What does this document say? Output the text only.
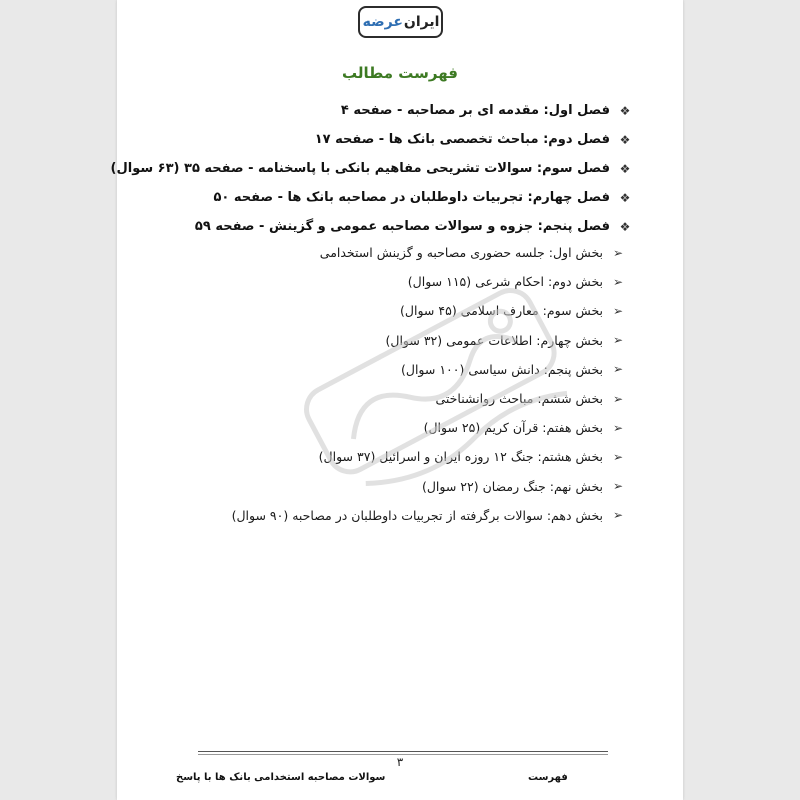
ایران
عرضه
فهرست مطالب
❖
فصل اول: مقدمه ای بر مصاحبه - صفحه ۴
❖
فصل دوم: مباحث تخصصی بانک ها - صفحه ۱۷
❖
فصل سوم: سوالات تشریحی مفاهیم بانکی با پاسخنامه - صفحه ۳۵ (۶۳ سوال)
❖
فصل چهارم: تجربیات داوطلبان در مصاحبه بانک ها - صفحه ۵۰
❖
فصل پنجم: جزوه و سوالات مصاحبه عمومی و گزینش - صفحه ۵۹
➢
بخش اول: جلسه حضوری مصاحبه و گزینش استخدامی
➢
بخش دوم: احکام شرعی (۱۱۵ سوال)
➢
بخش سوم: معارف اسلامی (۴۵ سوال)
➢
بخش چهارم: اطلاعات عمومی (۳۲ سوال)
➢
بخش پنجم: دانش سیاسی (۱۰۰ سوال)
➢
بخش ششم: مباحث روانشناختی
➢
بخش هفتم: قرآن کریم (۲۵ سوال)
➢
بخش هشتم: جنگ ۱۲ روزه ایران و اسرائیل (۳۷ سوال)
➢
بخش نهم: جنگ رمضان (۲۲ سوال)
➢
بخش دهم: سوالات برگرفته از تجربیات داوطلبان در مصاحبه (۹۰ سوال)
۳
سوالات مصاحبه استخدامی بانک ها با پاسخ	فهرست
